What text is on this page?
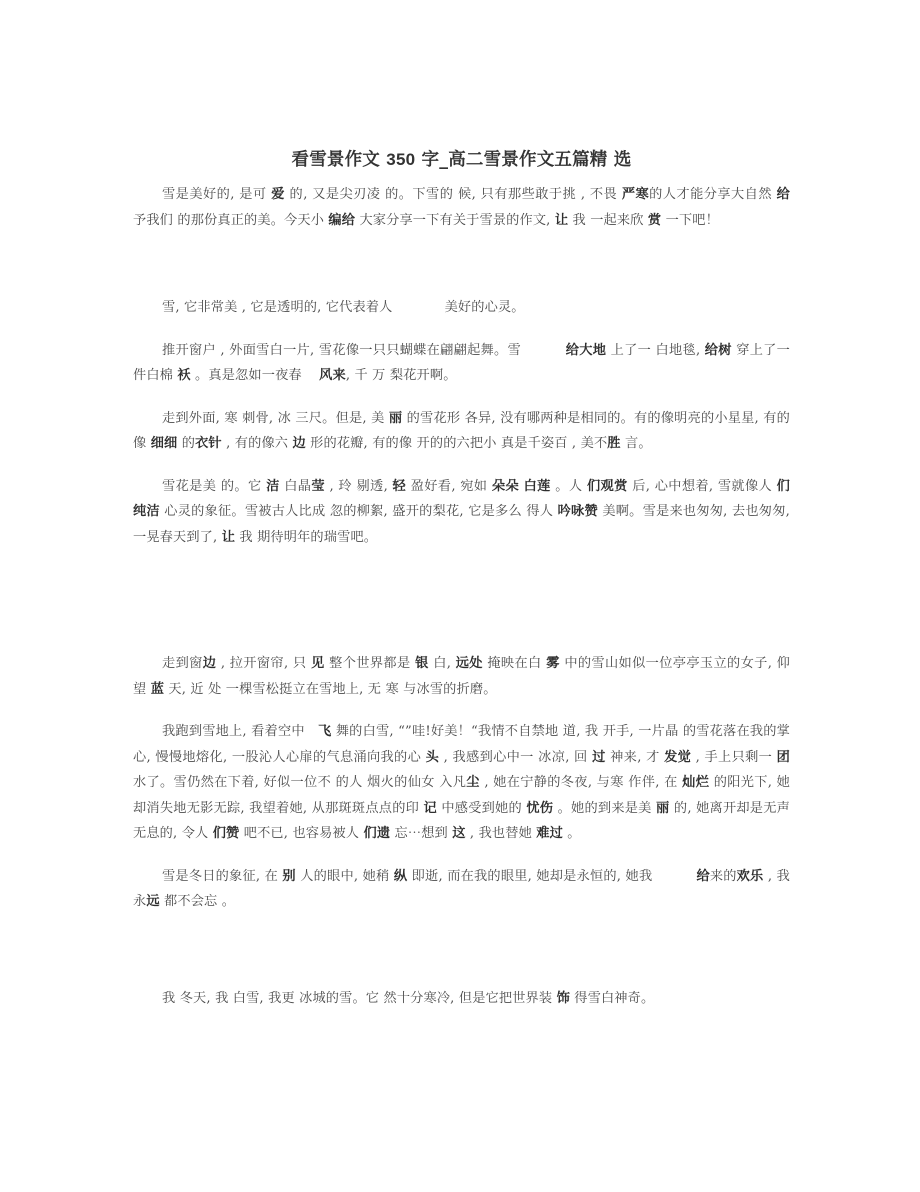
看雪景作文 350 字_高二雪景作文五篇精 选

雪是美好的, 是可 爱 的, 又是尖刃凌 的。下雪的 候, 只有那些敢于挑 , 不畏 严寒的人才能分享大自然 给 予我们 的那份真正的美。今天小 编给 大家分享一下有关于雪景的作文, 让 我 一起来欣 赏 一下吧！

雪, 它非常美 , 它是透明的, 它代表着人            美好的心灵。

推开窗户 , 外面雪白一片, 雪花像一只只蝴蝶在翩翩起舞。雪          给大地 上了一 白地毯, 给树 穿上了一件白棉 袄 。真是忽如一夜春    风来, 千 万 梨花开啊。

走到外面, 寒 刺骨, 冰 三尺。但是, 美 丽 的雪花形 各异, 没有哪两种是相同的。有的像明亮的小星星, 有的像 细细 的衣针 , 有的像六 边 形的花瓣, 有的像 开的的六把小 真是千姿百 , 美不胜 言。

雪花是美 的。它 洁 白晶莹 , 玲 剔透, 轻 盈好看, 宛如 朵朵 白莲 。人 们观赏 后, 心中想着, 雪就像人 们纯洁 心灵的象征。雪被古人比成 忽的柳絮, 盛开的梨花, 它是多么 得人 吟咏赞 美啊。雪是来也匆匆, 去也匆匆, 一晃春天到了, 让 我 期待明年的瑞雪吧。

走到窗边 , 拉开窗帘, 只 见 整个世界都是 银 白, 远处 掩映在白 雾 中的雪山如似一位亭亭玉立的女子, 仰望 蓝 天, 近 处 一棵雪松挺立在雪地上, 无 寒 与冰雪的折磨。

我跑到雪地上, 看着空中   飞 舞的白雪, “”哇!好美！“我情不自禁地 道, 我 开手, 一片晶 的雪花落在我的掌心, 慢慢地熔化, 一股沁人心扉的气息涌向我的心 头 , 我感到心中一 冰凉, 回 过 神来, 才 发觉 , 手上只剩一 团 水了。雪仍然在下着, 好似一位不 的人 烟火的仙女 入凡尘 , 她在宁静的冬夜, 与寒 作伴, 在 灿烂 的阳光下, 她却消失地无影无踪, 我望着她, 从那斑斑点点的印 记 中感受到她的 忧伤 。她的到来是美 丽 的, 她离开却是无声无息的, 令人 们赞 吧不已, 也容易被人 们遗 忘⋯想到 这 , 我也替她 难过 。

雪是冬日的象征, 在 别 人的眼中, 她稍 纵 即逝, 而在我的眼里, 她却是永恒的, 她我          给来的欢乐 , 我永远 都不会忘 。

我 冬天, 我 白雪, 我更 冰城的雪。它 然十分寒冷, 但是它把世界装 饰 得雪白神奇。
